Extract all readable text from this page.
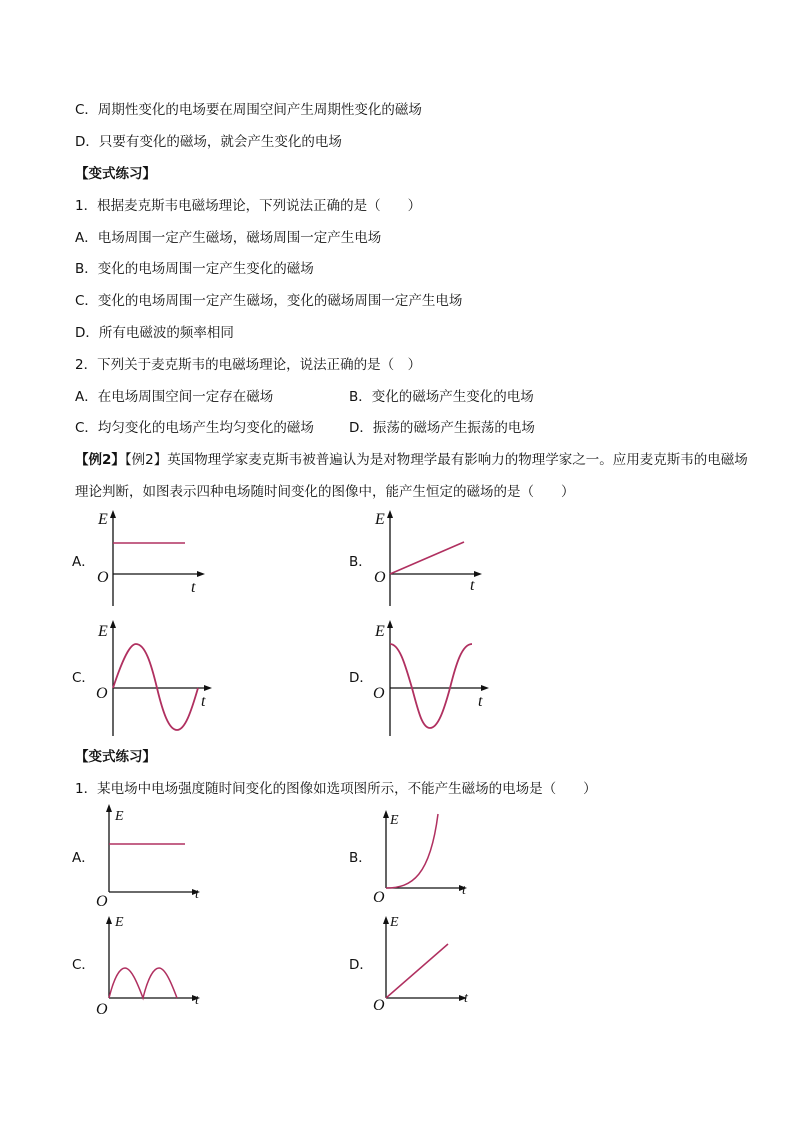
C．周期性变化的电场要在周围空间产生周期性变化的磁场
D．只要有变化的磁场，就会产生变化的电场
【变式练习】
1．根据麦克斯韦电磁场理论，下列说法正确的是（　　）
A．电场周围一定产生磁场，磁场周围一定产生电场
B．变化的电场周围一定产生变化的磁场
C．变化的电场周围一定产生磁场，变化的磁场周围一定产生电场
D．所有电磁波的频率相同
2．下列关于麦克斯韦的电磁场理论，说法正确的是（　）
A．在电场周围空间一定存在磁场	B．变化的磁场产生变化的电场
C．均匀变化的电场产生均匀变化的磁场	D．振荡的磁场产生振荡的电场
【例2】【例2】英国物理学家麦克斯韦被普遍认为是对物理学最有影响力的物理学家之一。应用麦克斯韦的电磁场
理论判断，如图表示四种电场随时间变化的图像中，能产生恒定的磁场的是（　　）
A．
E
O
t
B．
E
O	t
C．
E
O	t
D．
E
O	t
【变式练习】
1．某电场中电场强度随时间变化的图像如选项图所示，不能产生磁场的电场是（　　）
A．
E
O	t
B．
E
O	t
C．
E
O
t
D．
E
O	t
